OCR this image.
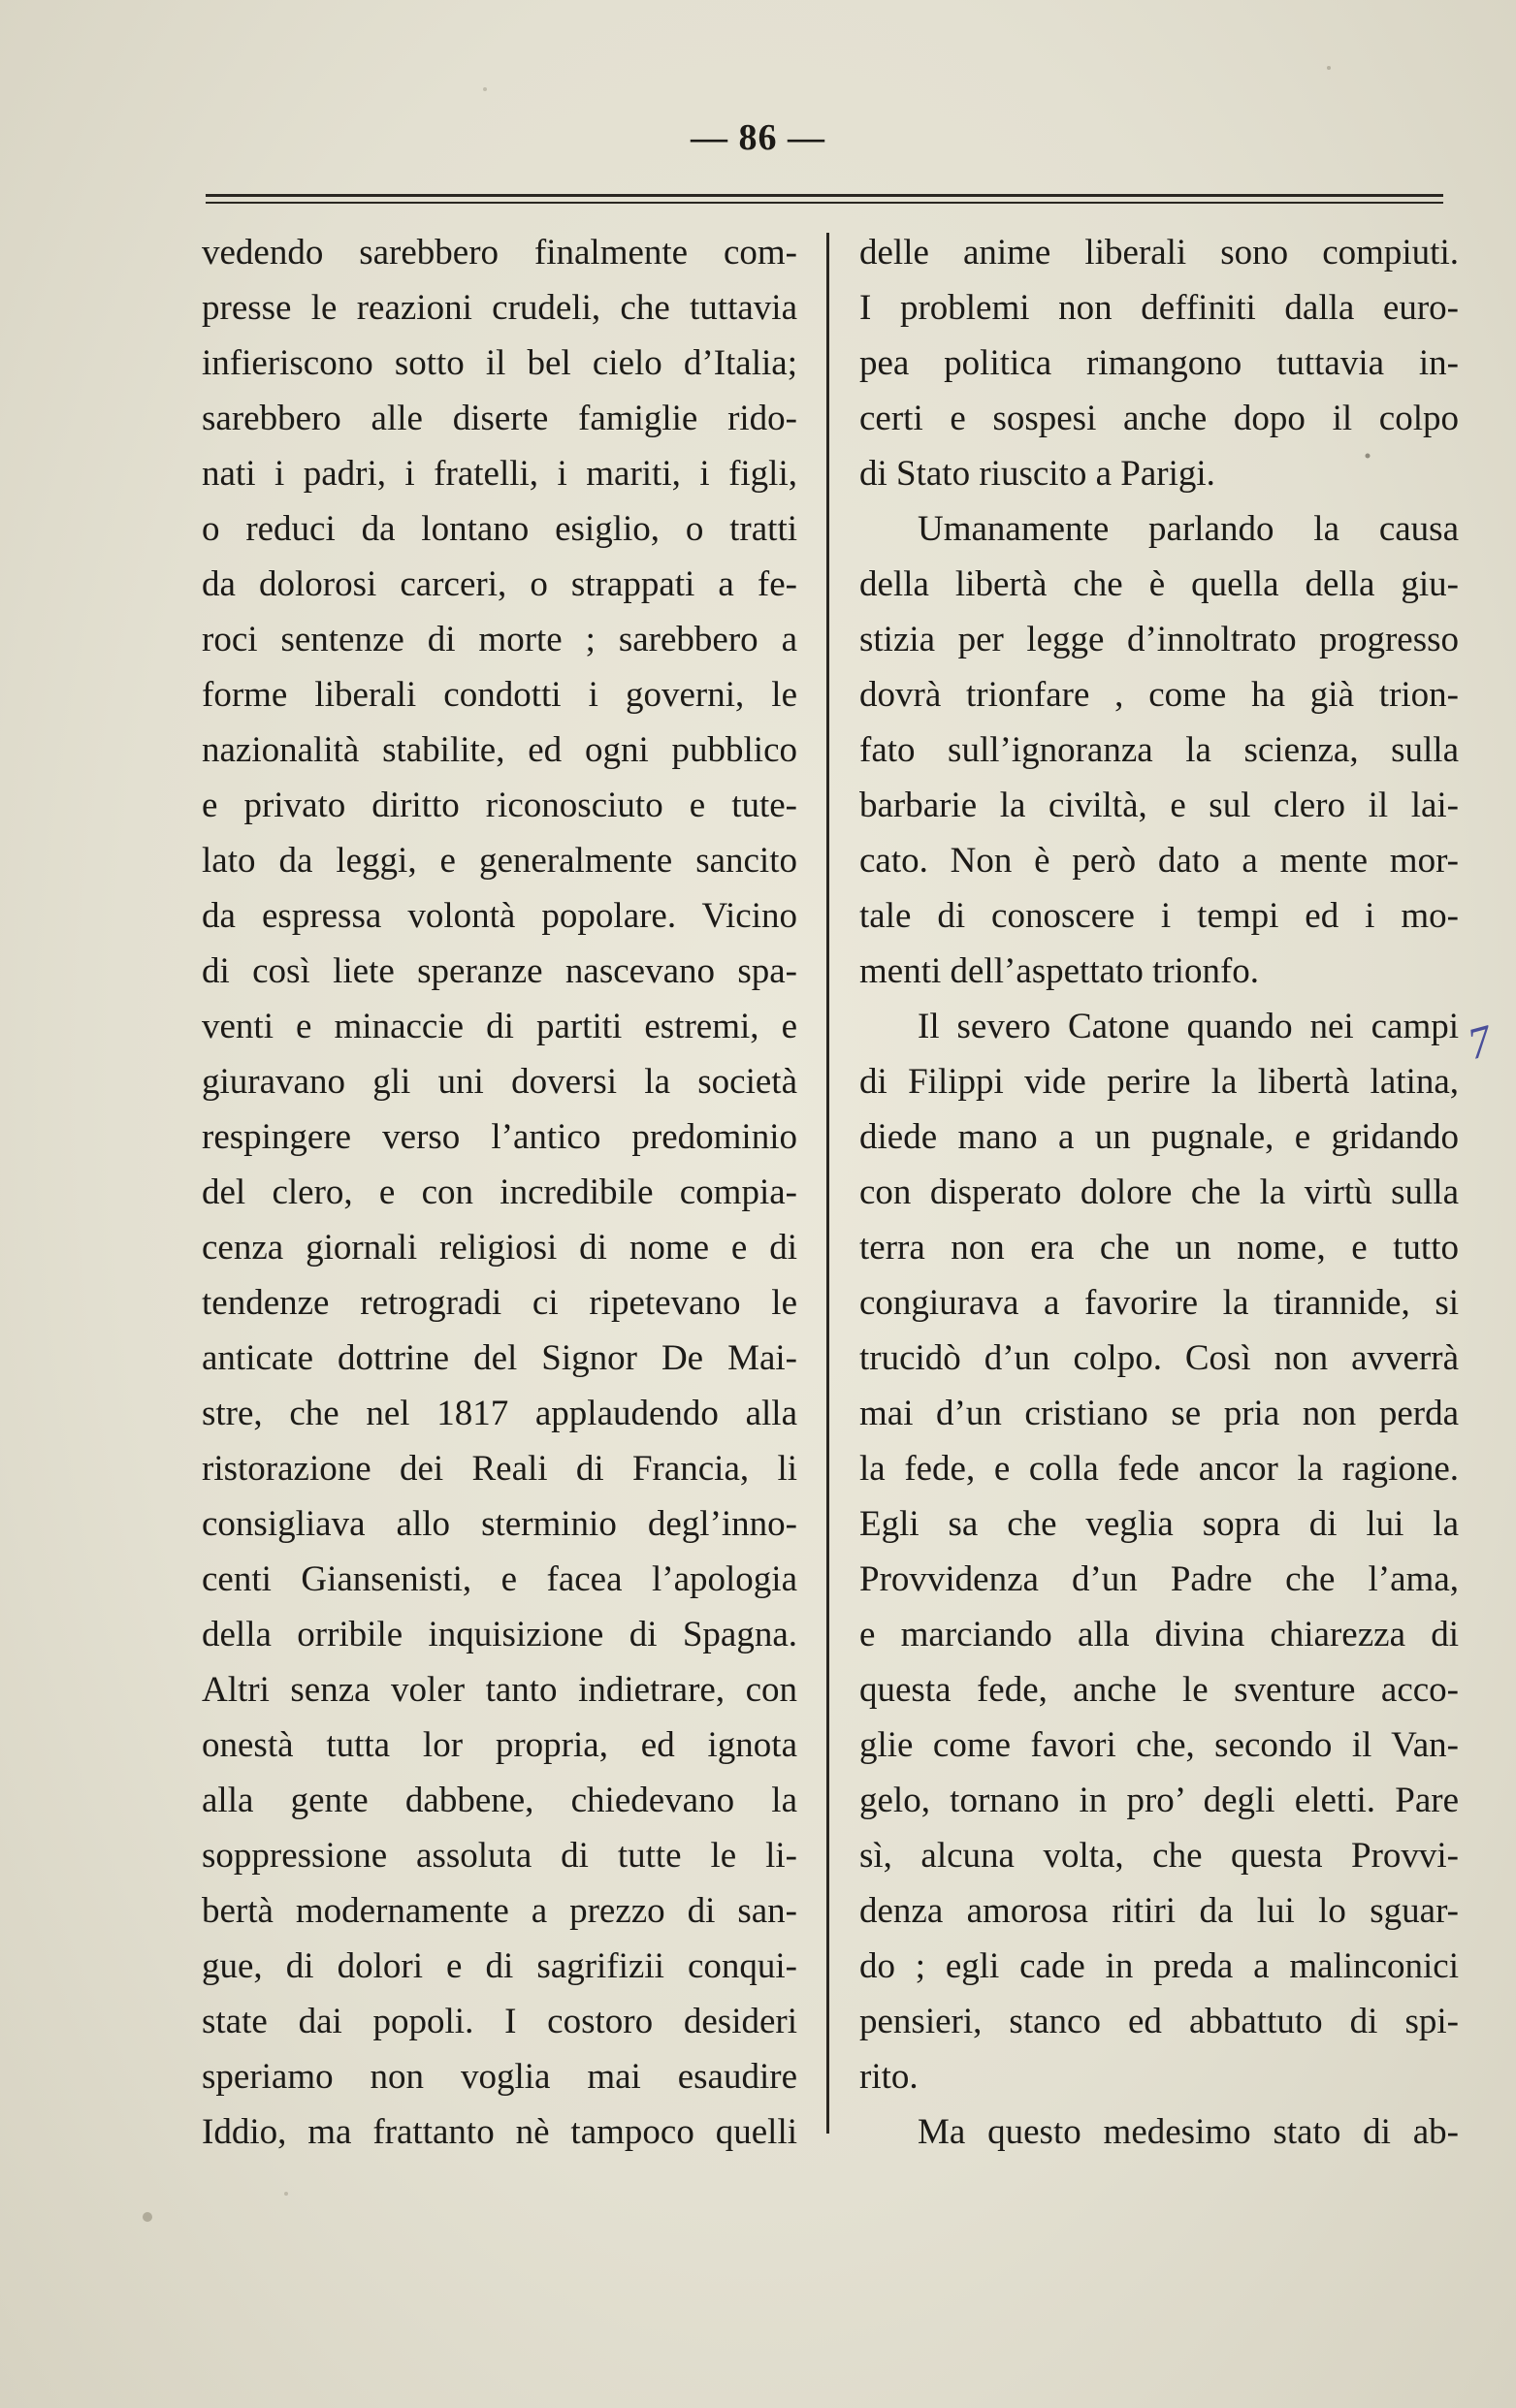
— 86 —
vedendo sarebbero finalmente com-
presse le reazioni crudeli, che tuttavia
infieriscono sotto il bel cielo d’Italia;
sarebbero alle diserte famiglie rido-
nati i padri, i fratelli, i mariti, i figli,
o reduci da lontano esiglio, o tratti
da dolorosi carceri, o strappati a fe-
roci sentenze di morte ; sarebbero a
forme liberali condotti i governi, le
nazionalità stabilite, ed ogni pubblico
e privato diritto riconosciuto e tute-
lato da leggi, e generalmente sancito
da espressa volontà popolare. Vicino
di così liete speranze nascevano spa-
venti e minaccie di partiti estremi, e
giuravano gli uni doversi la società
respingere verso l’antico predominio
del clero, e con incredibile compia-
cenza giornali religiosi di nome e di
tendenze retrogradi ci ripetevano le
anticate dottrine del Signor De Mai-
stre, che nel 1817 applaudendo alla
ristorazione dei Reali di Francia, li
consigliava allo sterminio degl’inno-
centi Giansenisti, e facea l’apologia
della orribile inquisizione di Spagna.
Altri senza voler tanto indietrare, con
onestà tutta lor propria, ed ignota
alla gente dabbene, chiedevano la
soppressione assoluta di tutte le li-
bertà modernamente a prezzo di san-
gue, di dolori e di sagrifizii conqui-
state dai popoli. I costoro desideri
speriamo non voglia mai esaudire
Iddio, ma frattanto nè tampoco quelli
delle anime liberali sono compiuti.
I problemi non deffiniti dalla euro-
pea politica rimangono tuttavia in-
certi e sospesi anche dopo il colpo
di Stato riuscito a Parigi.
Umanamente parlando la causa
della libertà che è quella della giu-
stizia per legge d’innoltrato progresso
dovrà trionfare , come ha già trion-
fato sull’ignoranza la scienza, sulla
barbarie la civiltà, e sul clero il lai-
cato. Non è però dato a mente mor-
tale di conoscere i tempi ed i mo-
menti dell’aspettato trionfo.
Il severo Catone quando nei campi
di Filippi vide perire la libertà latina,
diede mano a un pugnale, e gridando
con disperato dolore che la virtù sulla
terra non era che un nome, e tutto
congiurava a favorire la tirannide, si
trucidò d’un colpo. Così non avverrà
mai d’un cristiano se pria non perda
la fede, e colla fede ancor la ragione.
Egli sa che veglia sopra di lui la
Provvidenza d’un Padre che l’ama,
e marciando alla divina chiarezza di
questa fede, anche le sventure acco-
glie come favori che, secondo il Van-
gelo, tornano in pro’ degli eletti. Pare
sì, alcuna volta, che questa Provvi-
denza amorosa ritiri da lui lo sguar-
do ; egli cade in preda a malinconici
pensieri, stanco ed abbattuto di spi-
rito.
Ma questo medesimo stato di ab-
7
